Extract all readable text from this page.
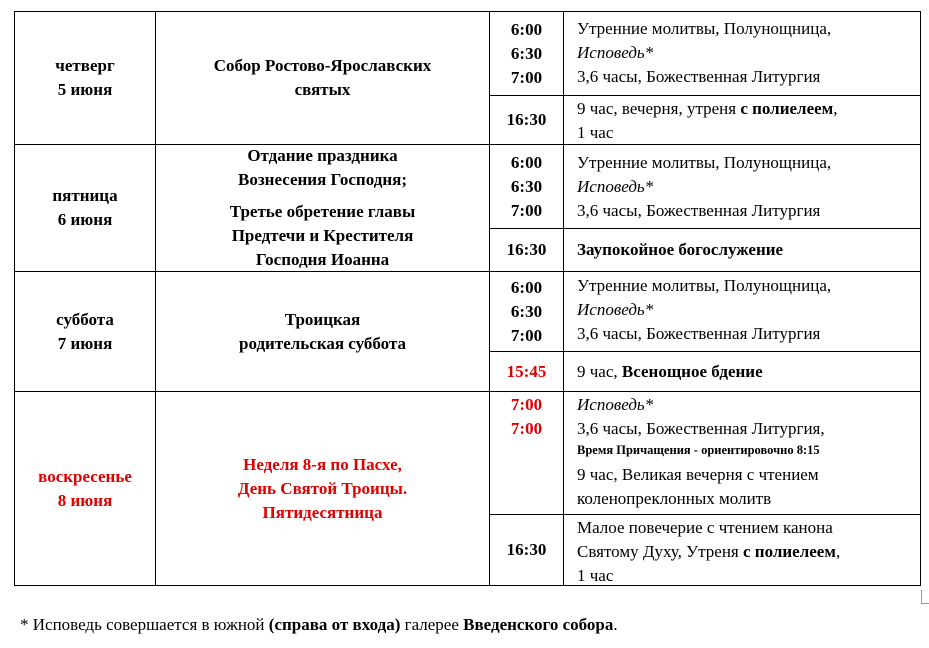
четверг
5 июня
Собор Ростово-Ярославских
святых
6:00
6:30
7:00
Утренние молитвы, Полунощница,
Исповедь*
3,6 часы, Божественная Литургия
16:30
9 час, вечерня, утреня с полиелеем,
1 час
пятница
6 июня
Отдание праздника
Вознесения Господня;
Третье обретение главы
Предтечи и Крестителя
Господня Иоанна
6:00
6:30
7:00
Утренние молитвы, Полунощница,
Исповедь*
3,6 часы, Божественная Литургия
16:30 Заупокойное богослужение
суббота
7 июня
Троицкая
родительская суббота
6:00
6:30
7:00
Утренние молитвы, Полунощница,
Исповедь*
3,6 часы, Божественная Литургия
15:45 9 час, Всенощное бдение
воскресенье
8 июня
Неделя 8-я по Пасхе,
День Святой Троицы.
Пятидесятница
7:00
7:00
Исповедь*
3,6 часы, Божественная Литургия,
Время Причащения - ориентировочно 8:15
9 час, Великая вечерня с чтением
коленопреклонных молитв
16:30
Малое повечерие с чтением канона
Святому Духу, Утреня с полиелеем,
1 час
* Исповедь совершается в южной (справа от входа) галерее Введенского собора.
